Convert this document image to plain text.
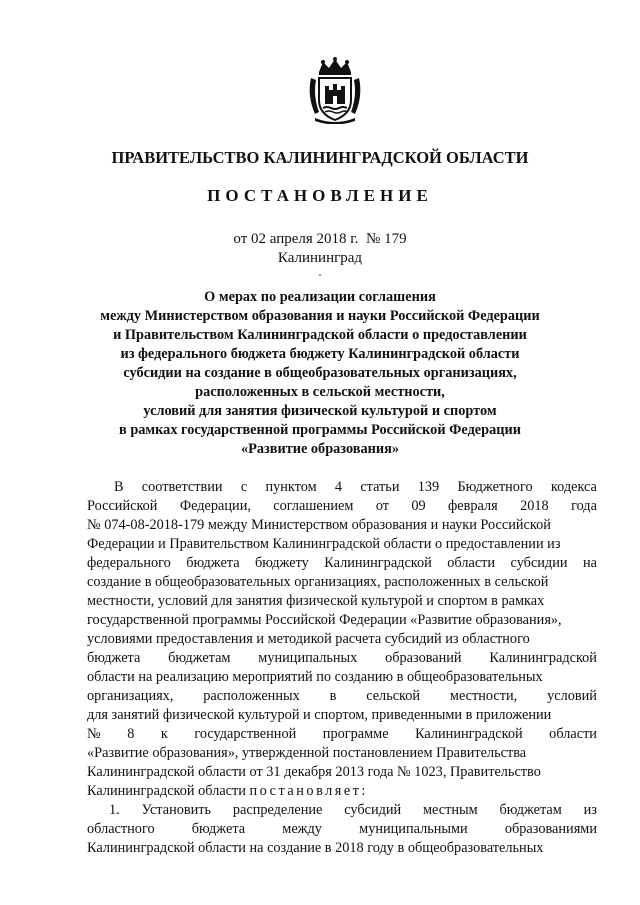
ПРАВИТЕЛЬСТВО КАЛИНИНГРАДСКОЙ ОБЛАСТИ
ПОСТАНОВЛЕНИЕ
от 02 апреля 2018 г. № 179
Калининград
О мерах по реализации соглашения
между Министерством образования и науки Российской Федерации
и Правительством Калининградской области о предоставлении
из федерального бюджета бюджету Калининградской области
субсидии на создание в общеобразовательных организациях,
расположенных в сельской местности,
условий для занятия физической культурой и спортом
в рамках государственной программы Российской Федерации
«Развитие образования»
В соответствии с пунктом 4 статьи 139 Бюджетного кодекса
Российской Федерации, соглашением от 09 февраля 2018 года
№ 074-08-2018-179 между Министерством образования и науки Российской
Федерации и Правительством Калининградской области о предоставлении из
федерального бюджета бюджету Калининградской области субсидии на
создание в общеобразовательных организациях, расположенных в сельской
местности, условий для занятия физической культурой и спортом в рамках
государственной программы Российской Федерации «Развитие образования»,
условиями предоставления и методикой расчета субсидий из областного
бюджета бюджетам муниципальных образований Калининградской
области на реализацию мероприятий по созданию в общеобразовательных
организациях, расположенных в сельской местности, условий
для занятий физической культурой и спортом, приведенными в приложении
№ 8 к государственной программе Калининградской области
«Развитие образования», утвержденной постановлением Правительства
Калининградской области от 31 декабря 2013 года № 1023, Правительство
Калининградской области
постановляет:
1. Установить распределение субсидий местным бюджетам из
областного	бюджета	между	муниципальными	образованиями
Калининградской области на создание в 2018 году в общеобразовательных
